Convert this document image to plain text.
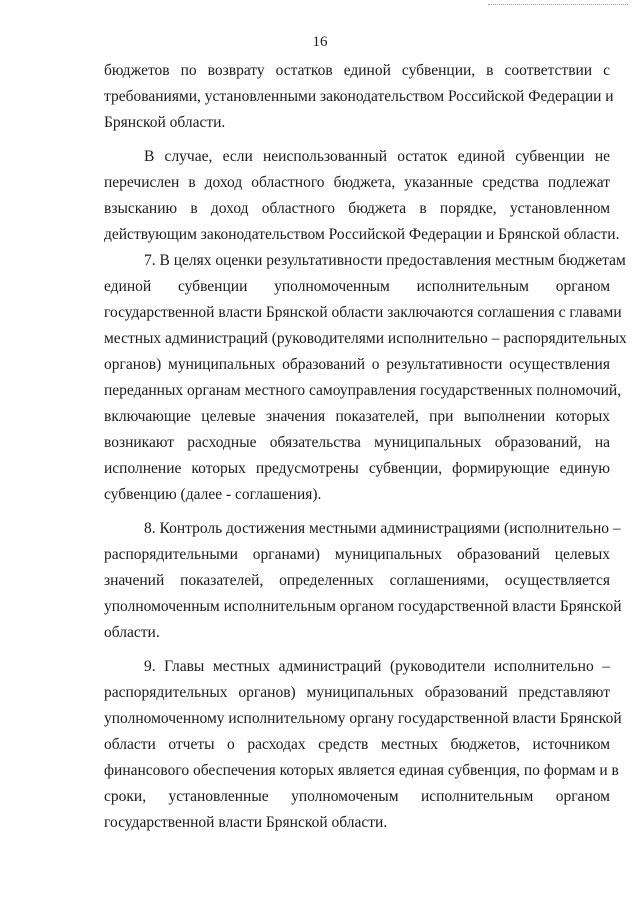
16
бюджетов по возврату остатков единой субвенции, в соответствии с
требованиями, установленными законодательством Российской Федерации и
Брянской области.
В случае, если неиспользованный остаток единой субвенции не
перечислен в доход областного бюджета, указанные средства подлежат
взысканию в доход областного бюджета в порядке, установленном
действующим законодательством Российской Федерации и Брянской области.
7. В целях оценки результативности предоставления местным бюджетам
единой субвенции уполномоченным исполнительным органом
государственной власти Брянской области заключаются соглашения с главами
местных администраций (руководителями исполнительно – распорядительных
органов) муниципальных образований о результативности осуществления
переданных органам местного самоуправления государственных полномочий,
включающие целевые значения показателей, при выполнении которых
возникают расходные обязательства муниципальных образований, на
исполнение которых предусмотрены субвенции, формирующие единую
субвенцию (далее - соглашения).
8. Контроль достижения местными администрациями (исполнительно –
распорядительными органами) муниципальных образований целевых
значений показателей, определенных соглашениями, осуществляется
уполномоченным исполнительным органом государственной власти Брянской
области.
9. Главы местных администраций (руководители исполнительно –
распорядительных органов) муниципальных образований представляют
уполномоченному исполнительному органу государственной власти Брянской
области отчеты о расходах средств местных бюджетов, источником
финансового обеспечения которых является единая субвенция, по формам и в
сроки, установленные уполномоченым исполнительным органом
государственной власти Брянской области.
